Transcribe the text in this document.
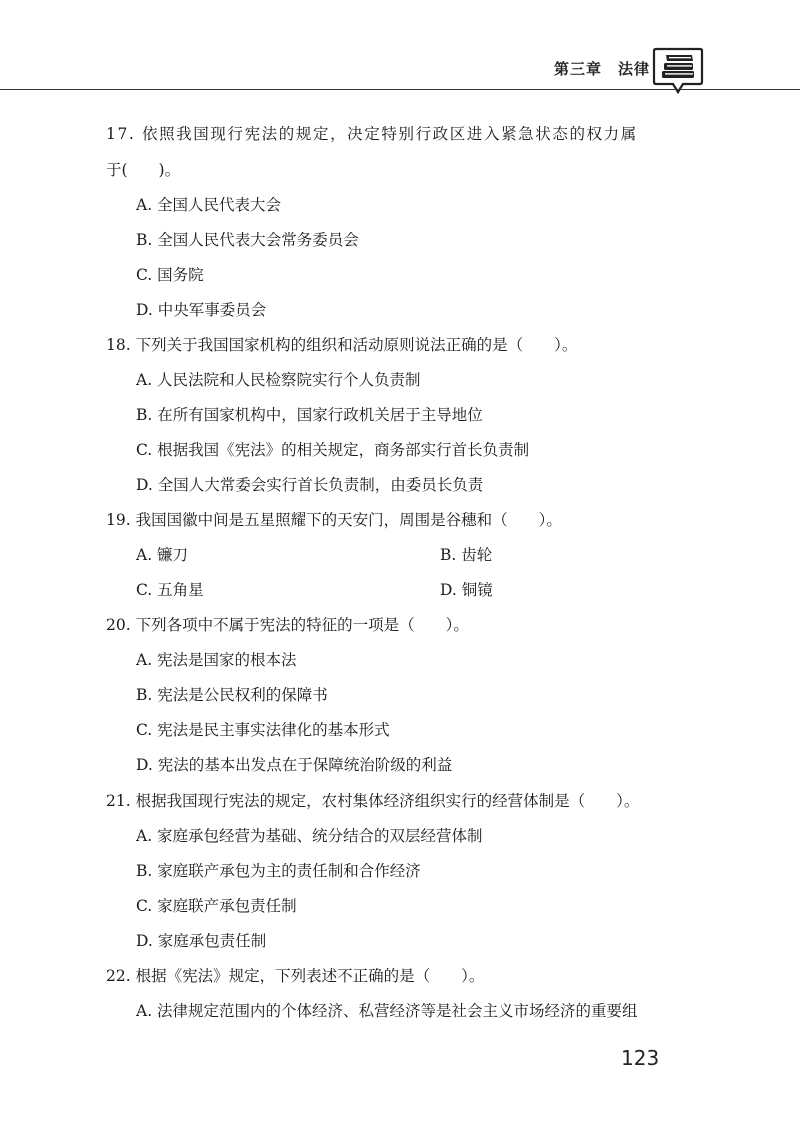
第三章　法律

17. 依照我国现行宪法的规定，决定特别行政区进入紧急状态的权力属

于(　　)。

A. 全国人民代表大会

B. 全国人民代表大会常务委员会

C. 国务院

D. 中央军事委员会

18. 下列关于我国国家机构的组织和活动原则说法正确的是（　　）。

A. 人民法院和人民检察院实行个人负责制

B. 在所有国家机构中，国家行政机关居于主导地位

C. 根据我国《宪法》的相关规定，商务部实行首长负责制

D. 全国人大常委会实行首长负责制，由委员长负责

19. 我国国徽中间是五星照耀下的天安门，周围是谷穗和（　　）。

A. 镰刀	B. 齿轮

C. 五角星	D. 铜镜

20. 下列各项中不属于宪法的特征的一项是（　　）。

A. 宪法是国家的根本法

B. 宪法是公民权利的保障书

C. 宪法是民主事实法律化的基本形式

D. 宪法的基本出发点在于保障统治阶级的利益

21. 根据我国现行宪法的规定，农村集体经济组织实行的经营体制是（　　）。

A. 家庭承包经营为基础、统分结合的双层经营体制

B. 家庭联产承包为主的责任制和合作经济

C. 家庭联产承包责任制

D. 家庭承包责任制

22. 根据《宪法》规定，下列表述不正确的是（　　）。

A. 法律规定范围内的个体经济、私营经济等是社会主义市场经济的重要组

123
